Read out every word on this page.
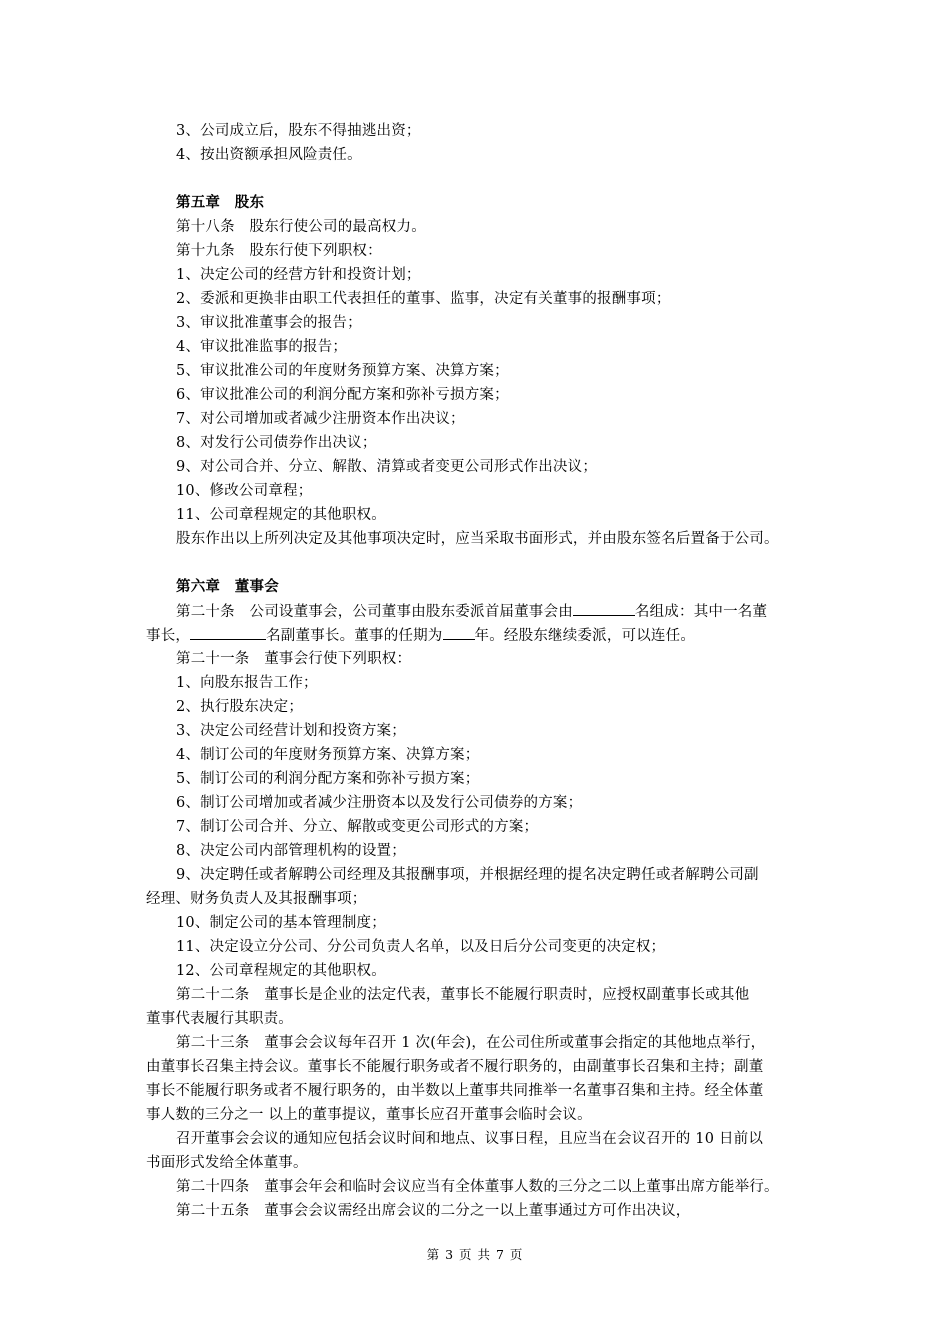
3、公司成立后，股东不得抽逃出资；
4、按出资额承担风险责任。
第五章　股东
第十八条　股东行使公司的最高权力。
第十九条　股东行使下列职权：
1、决定公司的经营方针和投资计划；
2、委派和更换非由职工代表担任的董事、监事，决定有关董事的报酬事项；
3、审议批准董事会的报告；
4、审议批准监事的报告；
5、审议批准公司的年度财务预算方案、决算方案；
6、审议批准公司的利润分配方案和弥补亏损方案；
7、对公司增加或者减少注册资本作出决议；
8、对发行公司债券作出决议；
9、对公司合并、分立、解散、清算或者变更公司形式作出决议；
10、修改公司章程；
11、公司章程规定的其他职权。
股东作出以上所列决定及其他事项决定时，应当采取书面形式，并由股东签名后置备于公司。
第六章　董事会
第二十条　公司设董事会，公司董事由股东委派首届董事会由	名组成：其中一名董
事长，	名副董事长。董事的任期为 年。经股东继续委派，可以连任。
第二十一条　董事会行使下列职权：
1、向股东报告工作；
2、执行股东决定；
3、决定公司经营计划和投资方案；
4、制订公司的年度财务预算方案、决算方案；
5、制订公司的利润分配方案和弥补亏损方案；
6、制订公司增加或者减少注册资本以及发行公司债券的方案；
7、制订公司合并、分立、解散或变更公司形式的方案；
8、决定公司内部管理机构的设置；
9、决定聘任或者解聘公司经理及其报酬事项，并根据经理的提名决定聘任或者解聘公司副
经理、财务负责人及其报酬事项；
10、制定公司的基本管理制度；
11、决定设立分公司、分公司负责人名单，以及日后分公司变更的决定权；
12、公司章程规定的其他职权。
第二十二条　董事长是企业的法定代表，董事长不能履行职责时，应授权副董事长或其他
董事代表履行其职责。
第二十三条　董事会会议每年召开 1 次(年会)，在公司住所或董事会指定的其他地点举行，
由董事长召集主持会议。董事长不能履行职务或者不履行职务的，由副董事长召集和主持；副董
事长不能履行职务或者不履行职务的，由半数以上董事共同推举一名董事召集和主持。经全体董
事人数的三分之一 以上的董事提议，董事长应召开董事会临时会议。
召开董事会会议的通知应包括会议时间和地点、议事日程，且应当在会议召开的 10 日前以
书面形式发给全体董事。
第二十四条　董事会年会和临时会议应当有全体董事人数的三分之二以上董事出席方能举行。
第二十五条　董事会会议需经出席会议的二分之一以上董事通过方可作出决议，
第 3 页 共 7 页
